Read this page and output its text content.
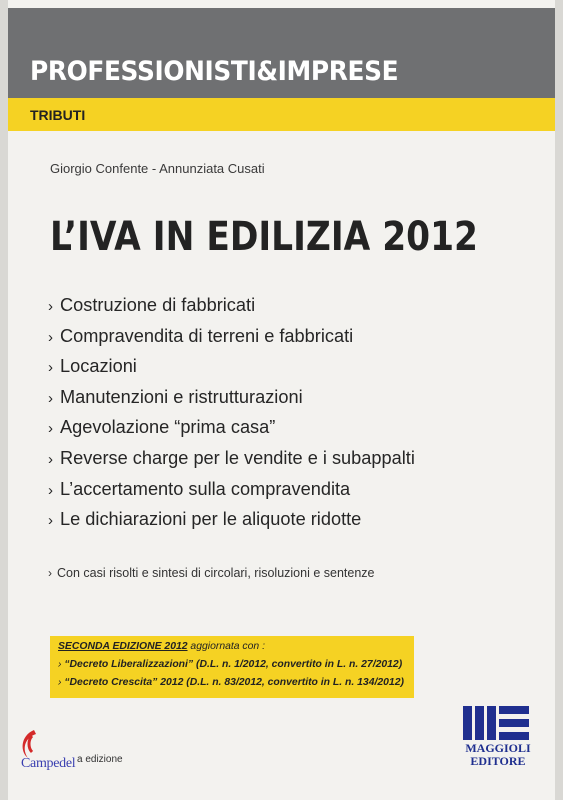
PROFESSIONISTI&IMPRESE
TRIBUTI
Giorgio Confente - Annunziata Cusati
L’IVA IN EDILIZIA 2012
› Costruzione di fabbricati
› Compravendita di terreni e fabbricati
› Locazioni
› Manutenzioni e ristrutturazioni
› Agevolazione “prima casa”
› Reverse charge per le vendite e i subappalti
› L’accertamento sulla compravendita
› Le dichiarazioni per le aliquote ridotte
› Con casi risolti e sintesi di circolari, risoluzioni e sentenze
SECONDA EDIZIONE 2012 aggiornata con :
› “Decreto Liberalizzazioni” (D.L. n. 1/2012, convertito in L. n. 27/2012)
› “Decreto Crescita” 2012 (D.L. n. 83/2012, convertito in L. n. 134/2012)
MAGGIOLI
EDITORE
a edizione
Campedel
